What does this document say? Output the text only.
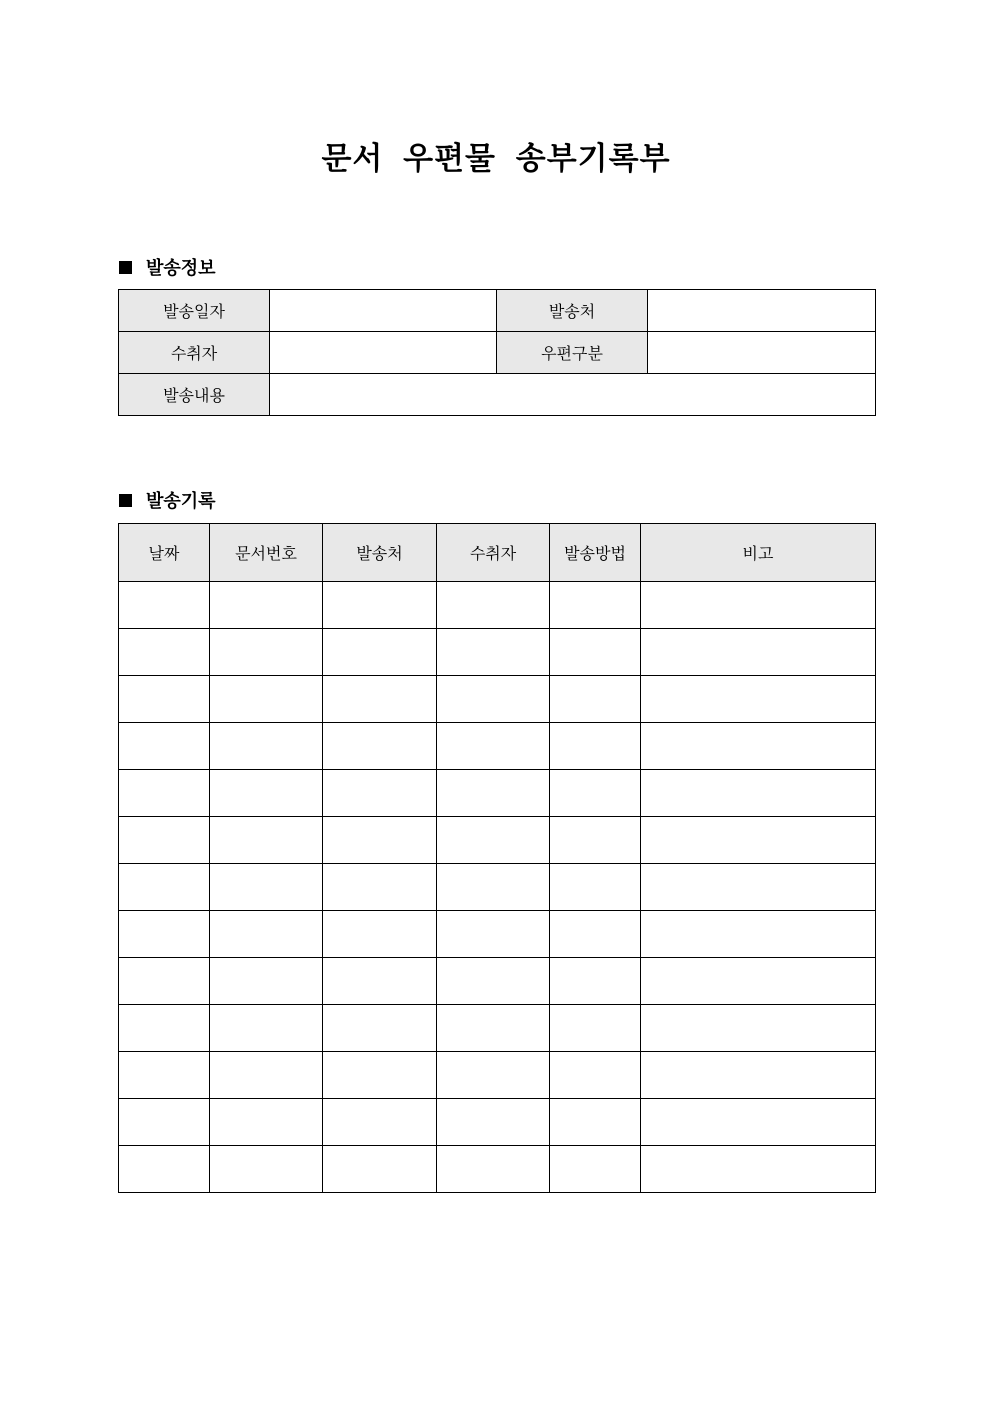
문서 우편물 송부기록부
발송정보
발송일자		발송처	
수취자		우편구분	
발송내용			
발송기록
날짜	문서번호	발송처	수취자	발송방법	비고
